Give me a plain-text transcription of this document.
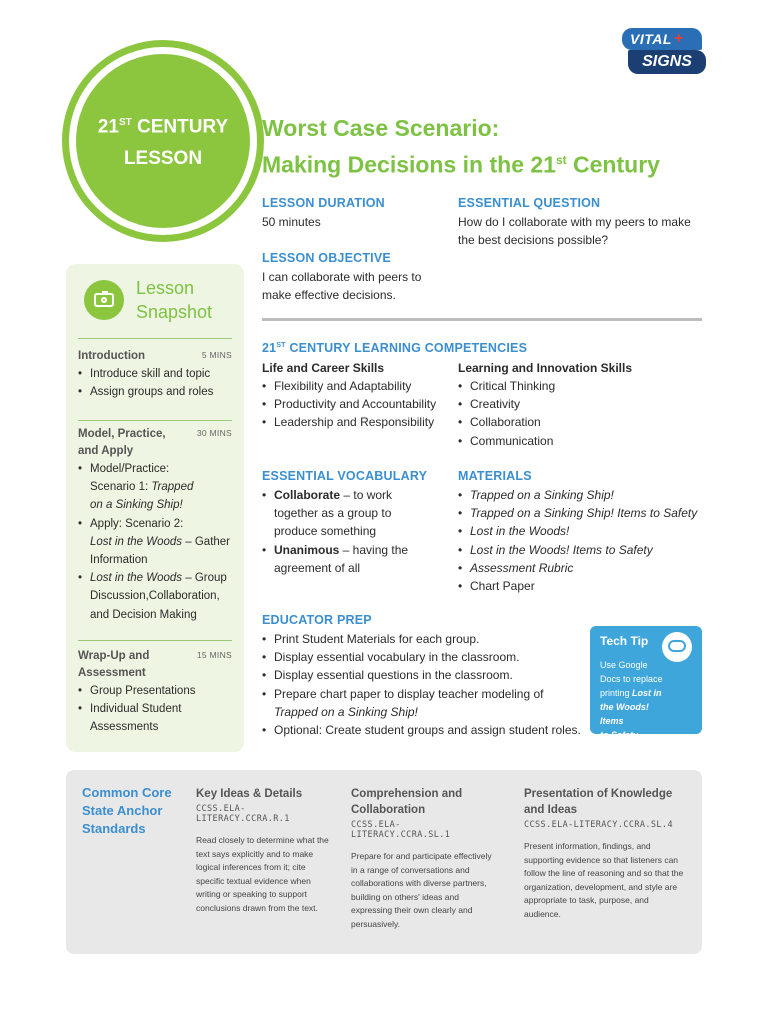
VITAL +
SIGNS
21ST CENTURY
LESSON
Worst Case Scenario:
Making Decisions in the 21st Century
LESSON DURATION
50 minutes
ESSENTIAL QUESTION
How do I collaborate with my peers to make
the best decisions possible?
LESSON OBJECTIVE
I can collaborate with peers to
make effective decisions.
21ST CENTURY LEARNING COMPETENCIES
Life and Career Skills
• Flexibility and Adaptability
• Productivity and Accountability
• Leadership and Responsibility
Learning and Innovation Skills
• Critical Thinking
• Creativity
• Collaboration
• Communication
ESSENTIAL VOCABULARY
• Collaborate – to work
together as a group to
produce something
• Unanimous – having the
agreement of all
MATERIALS
• Trapped on a Sinking Ship!
• Trapped on a Sinking Ship! Items to Safety
• Lost in the Woods!
• Lost in the Woods! Items to Safety
• Assessment Rubric
• Chart Paper
EDUCATOR PREP
• Print Student Materials for each group.
• Display essential vocabulary in the classroom.
• Display essential questions in the classroom.
• Prepare chart paper to display teacher modeling of
Trapped on a Sinking Ship!
• Optional: Create student groups and assign student roles.
Tech Tip
Use Google
Docs to replace
printing Lost in
the Woods! Items
to Safety
Lesson
Snapshot
Introduction	5 MINS
• Introduce skill and topic
• Assign groups and roles
Model, Practice,
and Apply
30 MINS
• Model/Practice:
Scenario 1: Trapped
on a Sinking Ship!
• Apply: Scenario 2:
Lost in the Woods – Gather
Information
• Lost in the Woods – Group
Discussion,Collaboration,
and Decision Making
Wrap-Up and
Assessment
15 MINS
• Group Presentations
• Individual Student
Assessments
Common Core State Anchor Standards
Key Ideas & Details
CCSS.ELA-LITERACY.CCRA.R.1
Read closely to determine what the text says explicitly and to make logical inferences from it; cite specific textual evidence when writing or speaking to support conclusions drawn from the text.
Comprehension and Collaboration
CCSS.ELA-LITERACY.CCRA.SL.1
Prepare for and participate effectively in a range of conversations and collaborations with diverse partners, building on others' ideas and expressing their own clearly and persuasively.
Presentation of Knowledge and Ideas
CCSS.ELA-LITERACY.CCRA.SL.4
Present information, findings, and supporting evidence so that listeners can follow the line of reasoning and so that the organization, development, and style are appropriate to task, purpose, and audience.
